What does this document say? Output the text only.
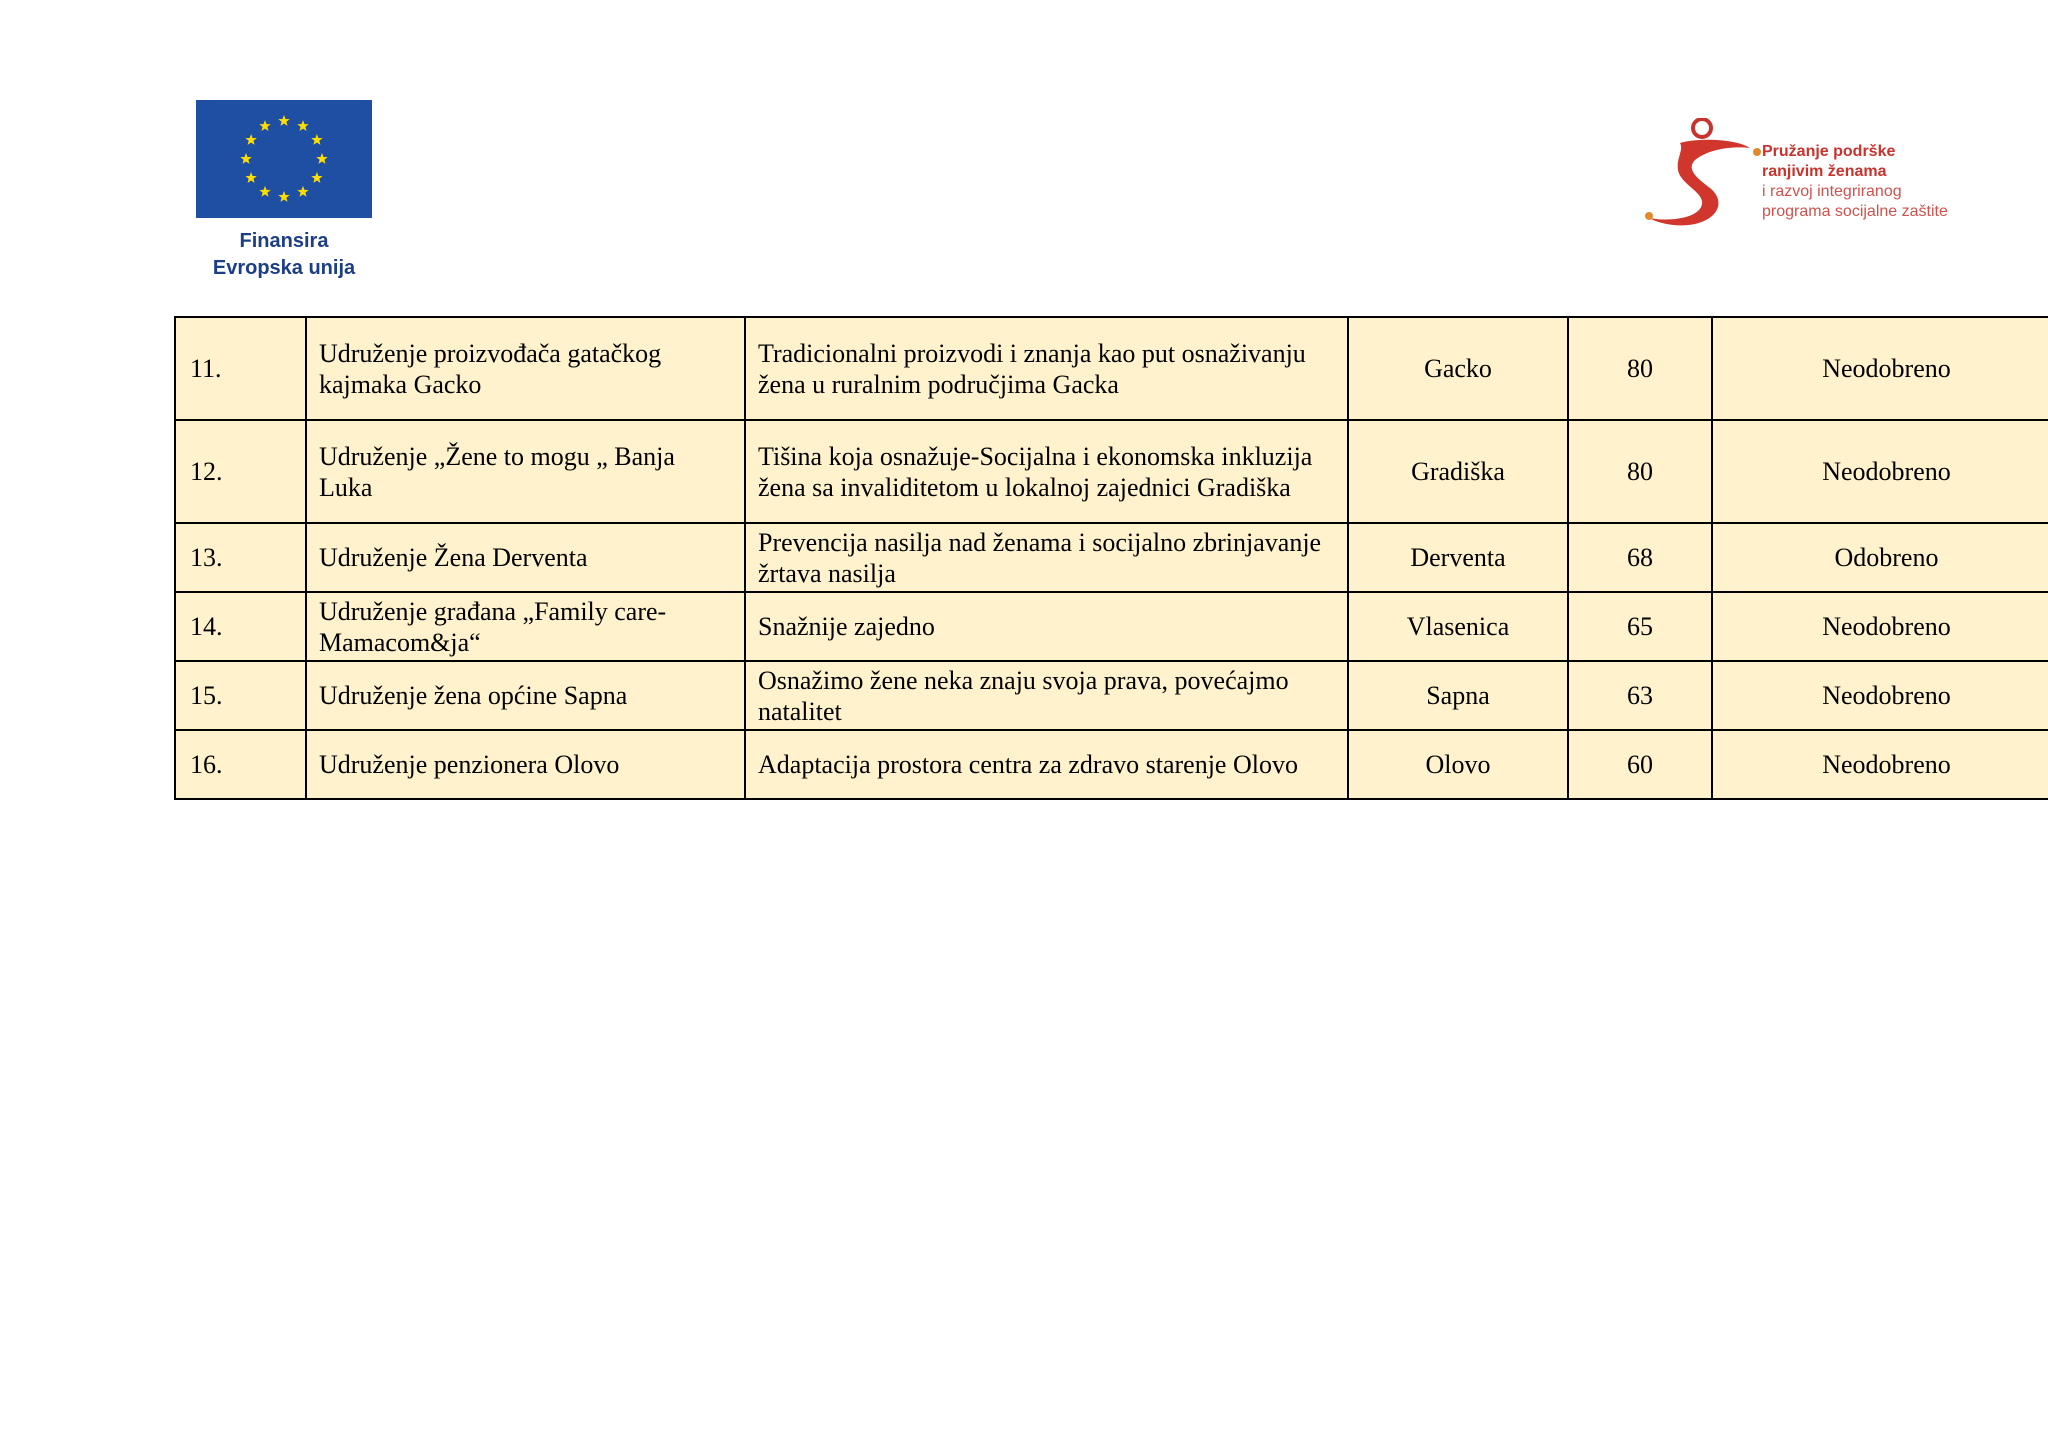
Finansira
Evropska unija
Pružanje podrške
ranjivim ženama
i razvoj integriranog
programa socijalne zaštite
11.	Udruženje proizvođača gatačkog kajmaka Gacko	Tradicionalni proizvodi i znanja kao put osnaživanju žena u ruralnim područjima Gacka	Gacko	80	Neodobreno
12.	Udruženje „Žene to mogu „ Banja Luka	Tišina koja osnažuje-Socijalna i ekonomska inkluzija žena sa invaliditetom u lokalnoj zajednici Gradiška	Gradiška	80	Neodobreno
13.	Udruženje Žena Derventa	Prevencija nasilja nad ženama i socijalno zbrinjavanje žrtava nasilja	Derventa	68	Odobreno
14.	Udruženje građana „Family care-Mamacom&ja“	Snažnije zajedno	Vlasenica	65	Neodobreno
15.	Udruženje žena općine Sapna	Osnažimo žene neka znaju svoja prava, povećajmo natalitet	Sapna	63	Neodobreno
16.	Udruženje penzionera Olovo	Adaptacija prostora centra za zdravo starenje Olovo	Olovo	60	Neodobreno
